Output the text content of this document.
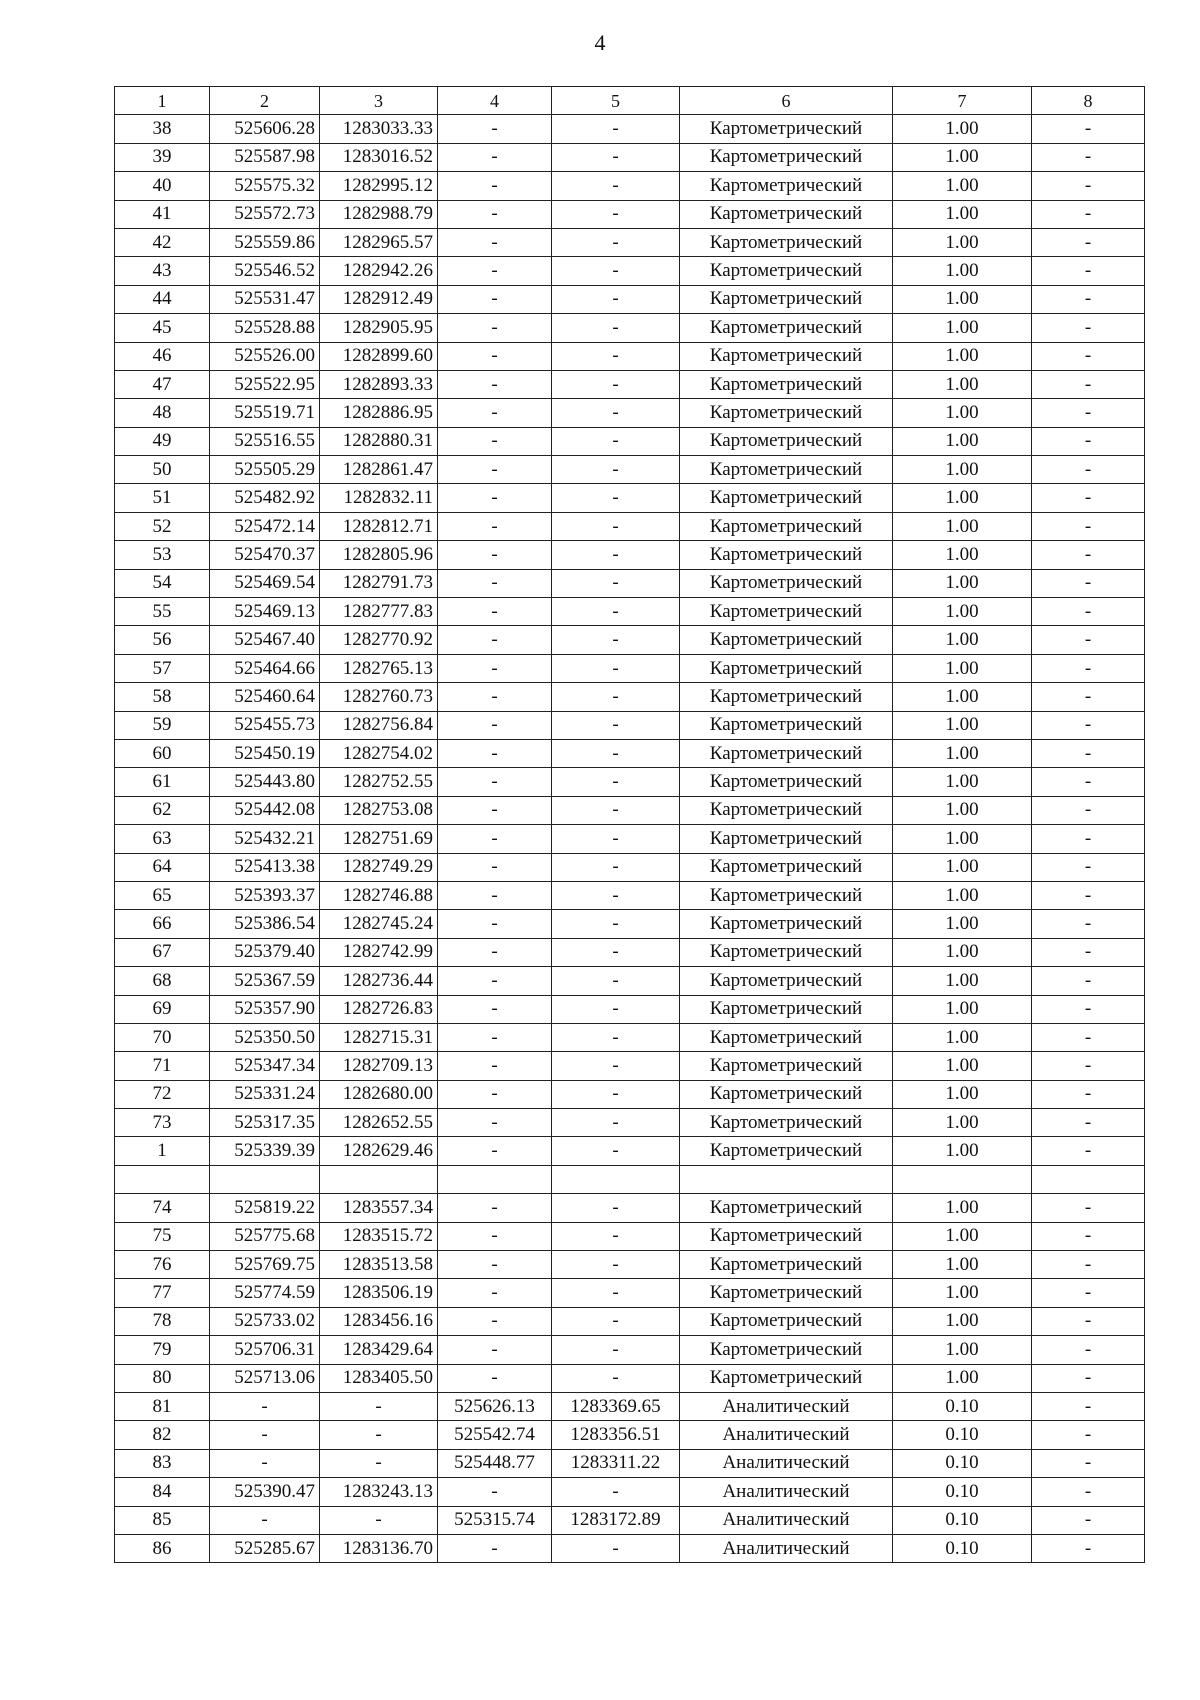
4
1	2	3	4	5	6	7	8
38	525606.28	1283033.33	-	-	Картометрический	1.00	-
39	525587.98	1283016.52	-	-	Картометрический	1.00	-
40	525575.32	1282995.12	-	-	Картометрический	1.00	-
41	525572.73	1282988.79	-	-	Картометрический	1.00	-
42	525559.86	1282965.57	-	-	Картометрический	1.00	-
43	525546.52	1282942.26	-	-	Картометрический	1.00	-
44	525531.47	1282912.49	-	-	Картометрический	1.00	-
45	525528.88	1282905.95	-	-	Картометрический	1.00	-
46	525526.00	1282899.60	-	-	Картометрический	1.00	-
47	525522.95	1282893.33	-	-	Картометрический	1.00	-
48	525519.71	1282886.95	-	-	Картометрический	1.00	-
49	525516.55	1282880.31	-	-	Картометрический	1.00	-
50	525505.29	1282861.47	-	-	Картометрический	1.00	-
51	525482.92	1282832.11	-	-	Картометрический	1.00	-
52	525472.14	1282812.71	-	-	Картометрический	1.00	-
53	525470.37	1282805.96	-	-	Картометрический	1.00	-
54	525469.54	1282791.73	-	-	Картометрический	1.00	-
55	525469.13	1282777.83	-	-	Картометрический	1.00	-
56	525467.40	1282770.92	-	-	Картометрический	1.00	-
57	525464.66	1282765.13	-	-	Картометрический	1.00	-
58	525460.64	1282760.73	-	-	Картометрический	1.00	-
59	525455.73	1282756.84	-	-	Картометрический	1.00	-
60	525450.19	1282754.02	-	-	Картометрический	1.00	-
61	525443.80	1282752.55	-	-	Картометрический	1.00	-
62	525442.08	1282753.08	-	-	Картометрический	1.00	-
63	525432.21	1282751.69	-	-	Картометрический	1.00	-
64	525413.38	1282749.29	-	-	Картометрический	1.00	-
65	525393.37	1282746.88	-	-	Картометрический	1.00	-
66	525386.54	1282745.24	-	-	Картометрический	1.00	-
67	525379.40	1282742.99	-	-	Картометрический	1.00	-
68	525367.59	1282736.44	-	-	Картометрический	1.00	-
69	525357.90	1282726.83	-	-	Картометрический	1.00	-
70	525350.50	1282715.31	-	-	Картометрический	1.00	-
71	525347.34	1282709.13	-	-	Картометрический	1.00	-
72	525331.24	1282680.00	-	-	Картометрический	1.00	-
73	525317.35	1282652.55	-	-	Картометрический	1.00	-
1	525339.39	1282629.46	-	-	Картометрический	1.00	-

74	525819.22	1283557.34	-	-	Картометрический	1.00	-
75	525775.68	1283515.72	-	-	Картометрический	1.00	-
76	525769.75	1283513.58	-	-	Картометрический	1.00	-
77	525774.59	1283506.19	-	-	Картометрический	1.00	-
78	525733.02	1283456.16	-	-	Картометрический	1.00	-
79	525706.31	1283429.64	-	-	Картометрический	1.00	-
80	525713.06	1283405.50	-	-	Картометрический	1.00	-
81	-	-	525626.13	1283369.65	Аналитический	0.10	-
82	-	-	525542.74	1283356.51	Аналитический	0.10	-
83	-	-	525448.77	1283311.22	Аналитический	0.10	-
84	525390.47	1283243.13	-	-	Аналитический	0.10	-
85	-	-	525315.74	1283172.89	Аналитический	0.10	-
86	525285.67	1283136.70	-	-	Аналитический	0.10	-
